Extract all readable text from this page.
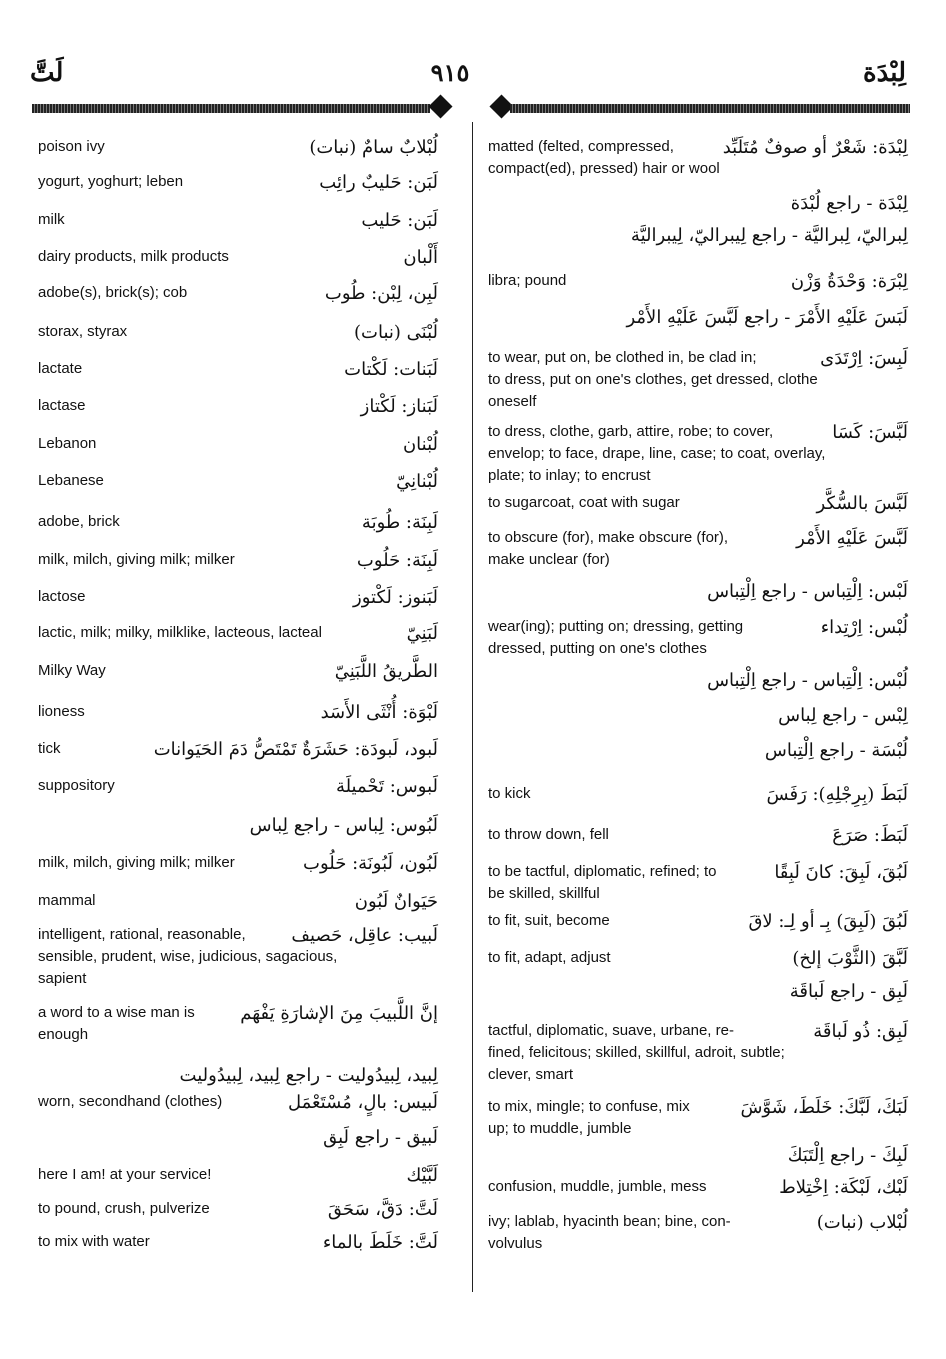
لَتَّ	٩١٥	لِبْدَة
لُبْلابٌ سامٌ (نبات)
poison ivy
لَبَن: حَليبٌ رائِب
yogurt, yoghurt; leben
لَبَن: حَليب
milk
أَلْبان
dairy products, milk products
لَبِن، لِبْن: طُوب
adobe(s), brick(s); cob
لُبْنَى (نبات)
storax, styrax
لَبَنات: لَكْتات
lactate
لَبَناز: لَكْتاز
lactase
لُبْنان
Lebanon
لُبْنانِيّ
Lebanese
لَبِنَة: طُوبَة
adobe, brick
لَبِنَة: حَلُوب
milk, milch, giving milk; milker
لَبَنوز: لَكْتوز
lactose
لَبَنِيّ
lactic, milk; milky, milklike, lacteous, lacteal
الطَّريقُ اللَّبَنِيّ
Milky Way
لَبْوَة: أُنْثَى الأَسَد
lioness
لَبود، لَبودَة: حَشَرَةٌ تَمْتَصُّ دَمَ الحَيَوانات
tick
لَبوس: تَحْميلَة
suppository
لَبُوس: لِباس - راجع لِباس
لَبُون، لَبُونَة: حَلُوب
milk, milch, giving milk; milker
حَيَوانٌ لَبُون
mammal
لَبيب: عاقِل، حَصيف
intelligent, rational, reasonable,
sensible, prudent, wise, judicious, sagacious,
sapient
إنَّ اللَّبيبَ مِنَ الإشارَةِ يَفْهَم
a word to a wise man is
enough
لِبيد، لِبيدُوليت - راجع لِبيد، لِبيدُوليت
لَبيس: بالٍ، مُسْتَعْمَل
worn, secondhand (clothes)
لَبيق - راجع لَبِق
لَبَّيْك
here I am! at your service!
لَتَّ: دَقَّ، سَحَقَ
to pound, crush, pulverize
لَتَّ: خَلَطَ بالماء
to mix with water
لِبْدَة: شَعْرٌ أو صوفٌ مُتَلَبِّد
matted (felted, compressed,
compact(ed), pressed) hair or wool
لِبْدَة - راجع لُبْدَة
لِبراليّ، لِبراليَّة - راجع لِيبراليّ، لِيبراليَّة
لِبْرَة: وَحْدَةُ وَزْن
libra; pound
لَبَسَ عَلَيْهِ الأَمْرَ - راجع لَبَّسَ عَلَيْهِ الأَمْر
لَبِسَ: اِرْتَدَى
to wear, put on, be clothed in, be clad in;
to dress, put on one's clothes, get dressed, clothe
oneself
لَبَّسَ: كَسَا
to dress, clothe, garb, attire, robe; to cover,
envelop; to face, drape, line, case; to coat, overlay,
plate; to inlay; to encrust
لَبَّسَ بالسُّكَّر
to sugarcoat, coat with sugar
لَبَّسَ عَلَيْهِ الأَمْر
to obscure (for), make obscure (for),
make unclear (for)
لَبْس: اِلْتِباس - راجع اِلْتِباس
لُبْس: اِرْتِداء
wear(ing); putting on; dressing, getting
dressed, putting on one's clothes
لُبْس: اِلْتِباس - راجع اِلْتِباس
لِبْس - راجع لِباس
لُبْسَة - راجع اِلْتِباس
لَبَطَ (بِرِجْلِهِ): رَفَسَ
to kick
لَبَطَ: صَرَعَ
to throw down, fell
لَبُقَ، لَبِقَ: كانَ لَبِقًا
to be tactful, diplomatic, refined; to
be skilled, skillful
لَبُقَ (لَبِقَ) بِـ أو لِـ: لاقَ
to fit, suit, become
لَبَّقَ (الثَّوْبَ إلخ)
to fit, adapt, adjust
لَبِق - راجع لَباقَة
لَبِق: ذُو لَباقَة
tactful, diplomatic, suave, urbane, re-
fined, felicitous; skilled, skillful, adroit, subtle;
clever, smart
لَبَكَ، لَبَّكَ: خَلَطَ، شَوَّشَ
to mix, mingle; to confuse, mix
up; to muddle, jumble
لَبِكَ - راجع اِلْتَبَكَ
لَبْك، لَبْكَة: اِخْتِلاط
confusion, muddle, jumble, mess
لُبْلاب (نبات)
ivy; lablab, hyacinth bean; bine, con-
volvulus
